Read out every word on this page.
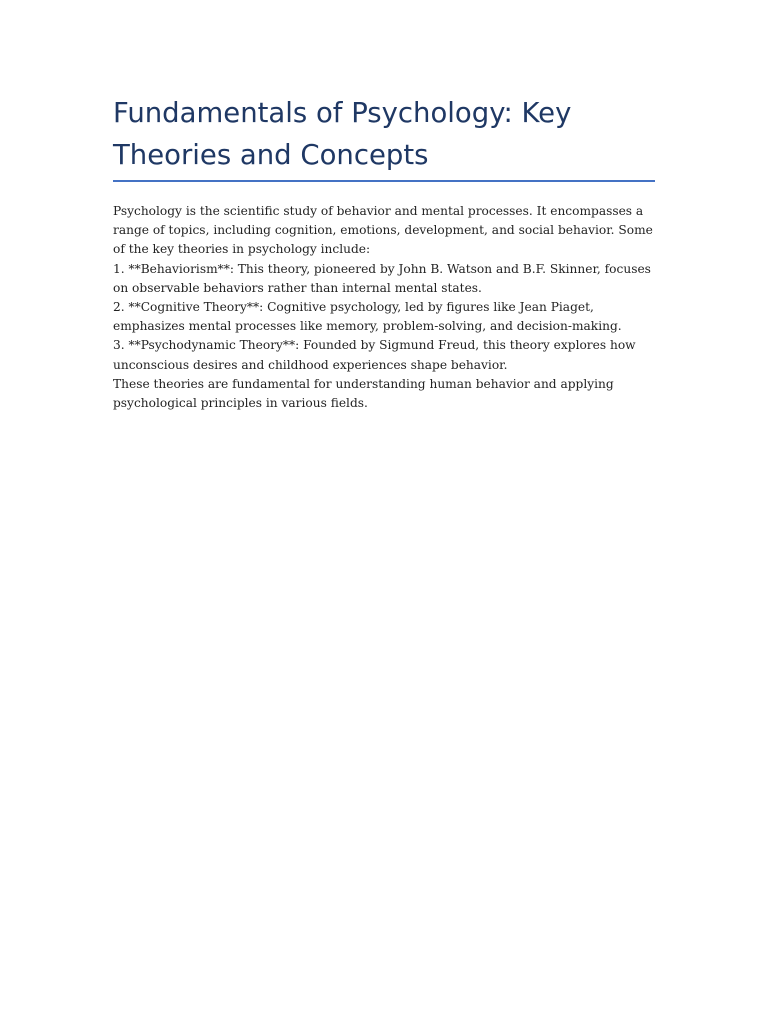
Fundamentals of Psychology: Key Theories and Concepts

Psychology is the scientific study of behavior and mental processes. It encompasses a range of topics, including cognition, emotions, development, and social behavior. Some of the key theories in psychology include:

1. **Behaviorism**: This theory, pioneered by John B. Watson and B.F. Skinner, focuses on observable behaviors rather than internal mental states.

2. **Cognitive Theory**: Cognitive psychology, led by figures like Jean Piaget, emphasizes mental processes like memory, problem-solving, and decision-making.

3. **Psychodynamic Theory**: Founded by Sigmund Freud, this theory explores how unconscious desires and childhood experiences shape behavior.

These theories are fundamental for understanding human behavior and applying psychological principles in various fields.
